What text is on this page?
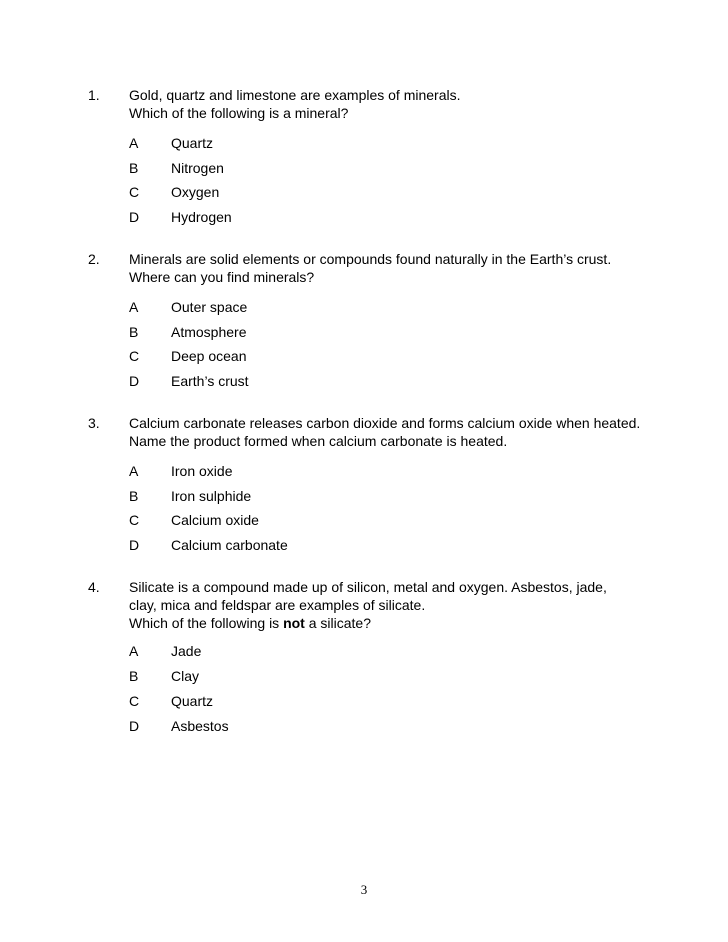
1. Gold, quartz and limestone are examples of minerals.
Which of the following is a mineral?
A Quartz
B Nitrogen
C Oxygen
D Hydrogen
2. Minerals are solid elements or compounds found naturally in the Earth’s crust.
Where can you find minerals?
A Outer space
B Atmosphere
C Deep ocean
D Earth’s crust
3. Calcium carbonate releases carbon dioxide and forms calcium oxide when heated.
Name the product formed when calcium carbonate is heated.
A Iron oxide
B Iron sulphide
C Calcium oxide
D Calcium carbonate
4. Silicate is a compound made up of silicon, metal and oxygen. Asbestos, jade,
clay, mica and feldspar are examples of silicate.
Which of the following is not a silicate?
A Jade
B Clay
C Quartz
D Asbestos
3
